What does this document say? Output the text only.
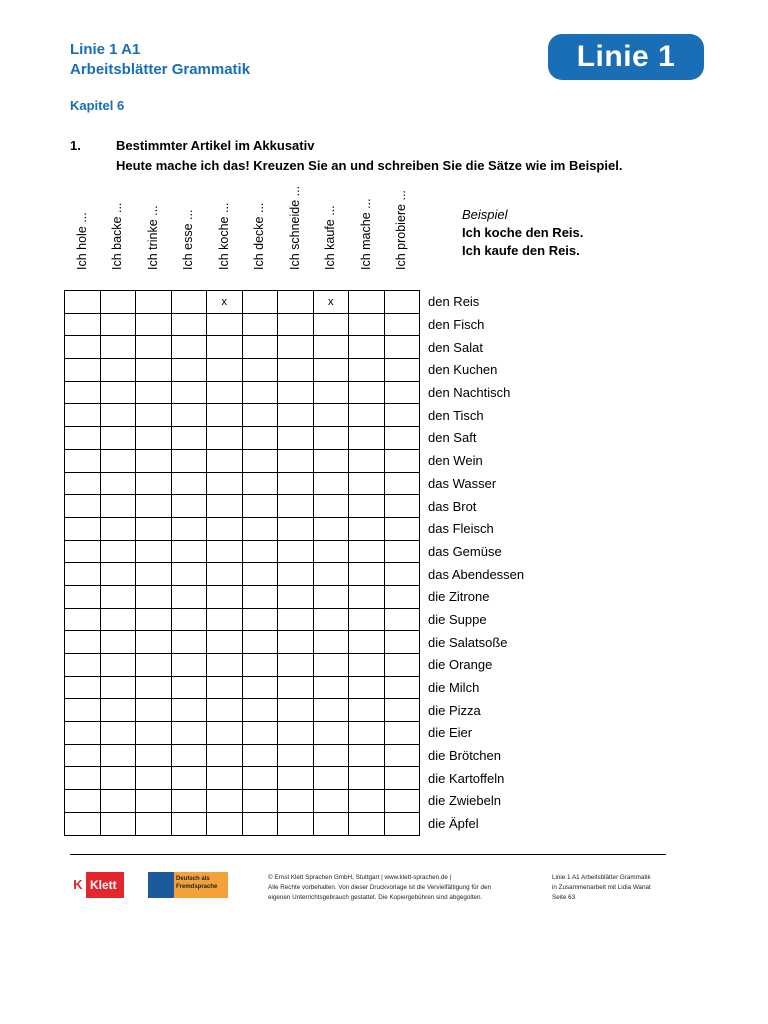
Linie 1 A1
Arbeitsblätter Grammatik	Linie 1
Kapitel 6
1.	Bestimmter Artikel im Akkusativ
Heute mache ich das! Kreuzen Sie an und schreiben Sie die Sätze wie im Beispiel.
Ich hole ... Ich backe ... Ich trinke ... Ich esse ... Ich koche ... Ich decke ... Ich schneide ... Ich kaufe ... Ich mache ... Ich probiere ...	Beispiel
Ich koche den Reis.
Ich kaufe den Reis.
				x			x			den Reis
										den Fisch
										den Salat
										den Kuchen
										den Nachtisch
										den Tisch
										den Saft
										den Wein
										das Wasser
										das Brot
										das Fleisch
										das Gemüse
										das Abendessen
										die Zitrone
										die Suppe
										die Salatsoße
										die Orange
										die Milch
										die Pizza
										die Eier
										die Brötchen
										die Kartoffeln
										die Zwiebeln
										die Äpfel
K Klett	Deutsch als
Fremdsprache
© Ernst Klett Sprachen GmbH, Stuttgart | www.klett-sprachen.de |
Alle Rechte vorbehalten. Von dieser Druckvorlage ist die Vervielfältigung für den
eigenen Unterrichtsgebrauch gestattet. Die Kopiergebühren sind abgegolten.
Linie 1 A1 Arbeitsblätter Grammatik
in Zusammenarbeit mit Lidia Wanat
Seite 63
